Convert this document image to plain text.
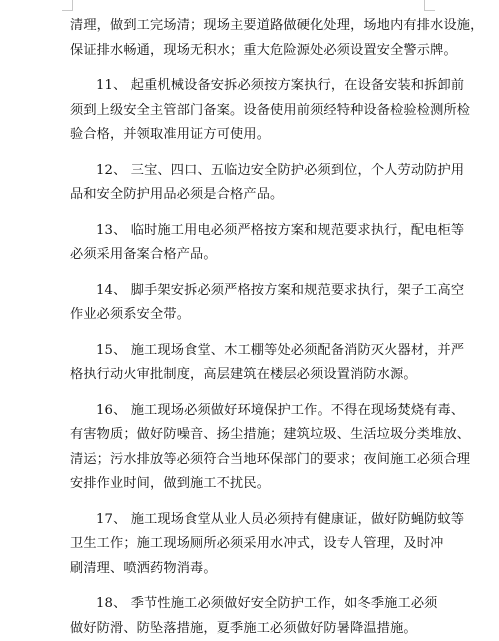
清理，做到工完场清；现场主要道路做硬化处理，场地内有排水设施，
保证排水畅通，现场无积水；重大危险源处必须设置安全警示牌。
11、 起重机械设备安拆必须按方案执行，在设备安装和拆卸前
须到上级安全主管部门备案。设备使用前须经特种设备检验检测所检
验合格，并领取准用证方可使用。
12、 三宝、四口、五临边安全防护必须到位，个人劳动防护用
品和安全防护用品必须是合格产品。
13、 临时施工用电必须严格按方案和规范要求执行，配电柜等
必须采用备案合格产品。
14、 脚手架安拆必须严格按方案和规范要求执行，架子工高空
作业必须系安全带。
15、 施工现场食堂、木工棚等处必须配备消防灭火器材，并严
格执行动火审批制度，高层建筑在楼层必须设置消防水源。
16、 施工现场必须做好环境保护工作。不得在现场焚烧有毒、
有害物质；做好防噪音、扬尘措施；建筑垃圾、生活垃圾分类堆放、
清运；污水排放等必须符合当地环保部门的要求；夜间施工必须合理
安排作业时间，做到施工不扰民。
17、 施工现场食堂从业人员必须持有健康证，做好防蝇防蚊等
卫生工作；施工现场厕所必须采用水冲式，设专人管理，及时冲
刷清理、喷洒药物消毒。
18、 季节性施工必须做好安全防护工作，如冬季施工必须
做好防滑、防坠落措施，夏季施工必须做好防暑降温措施。
